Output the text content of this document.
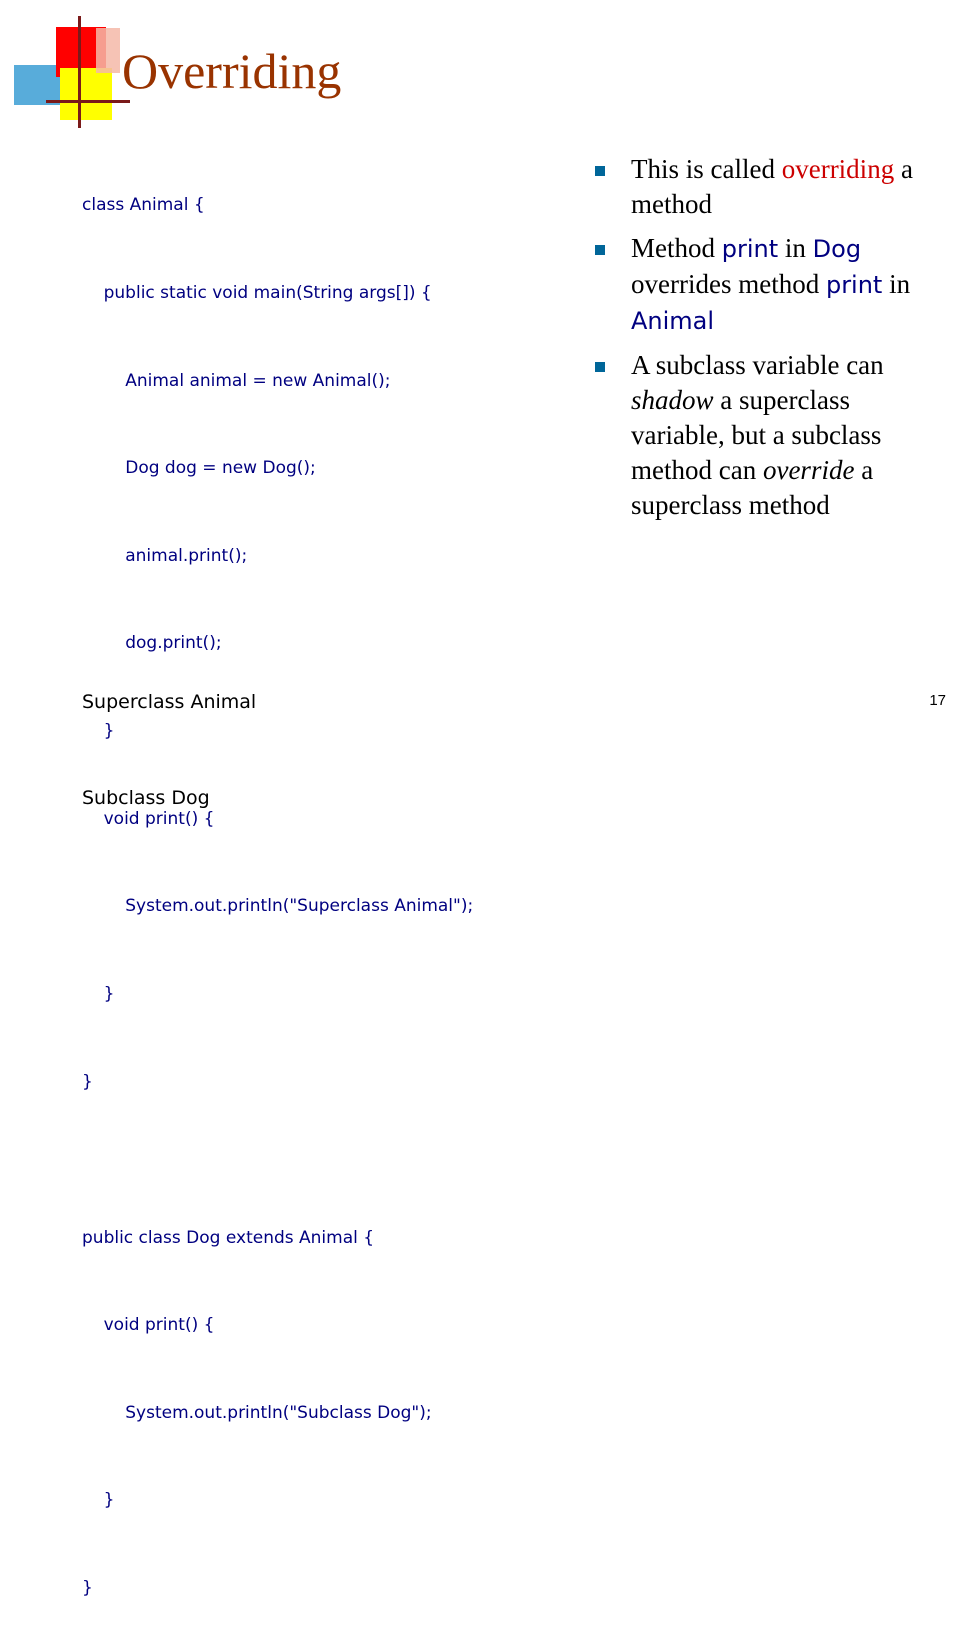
Overriding

class Animal {

public static void main(String args[]) {

Animal animal = new Animal();

Dog dog = new Dog();

animal.print();

dog.print();

}

void print() {

System.out.println("Superclass Animal");

}

}

public class Dog extends Animal {

void print() {

System.out.println("Subclass Dog");

}

}

Superclass Animal

Subclass Dog

This is called overriding a method
Method print in Dog overrides method print in Animal
A subclass variable can shadow a superclass variable, but a subclass method can override a superclass method
17
